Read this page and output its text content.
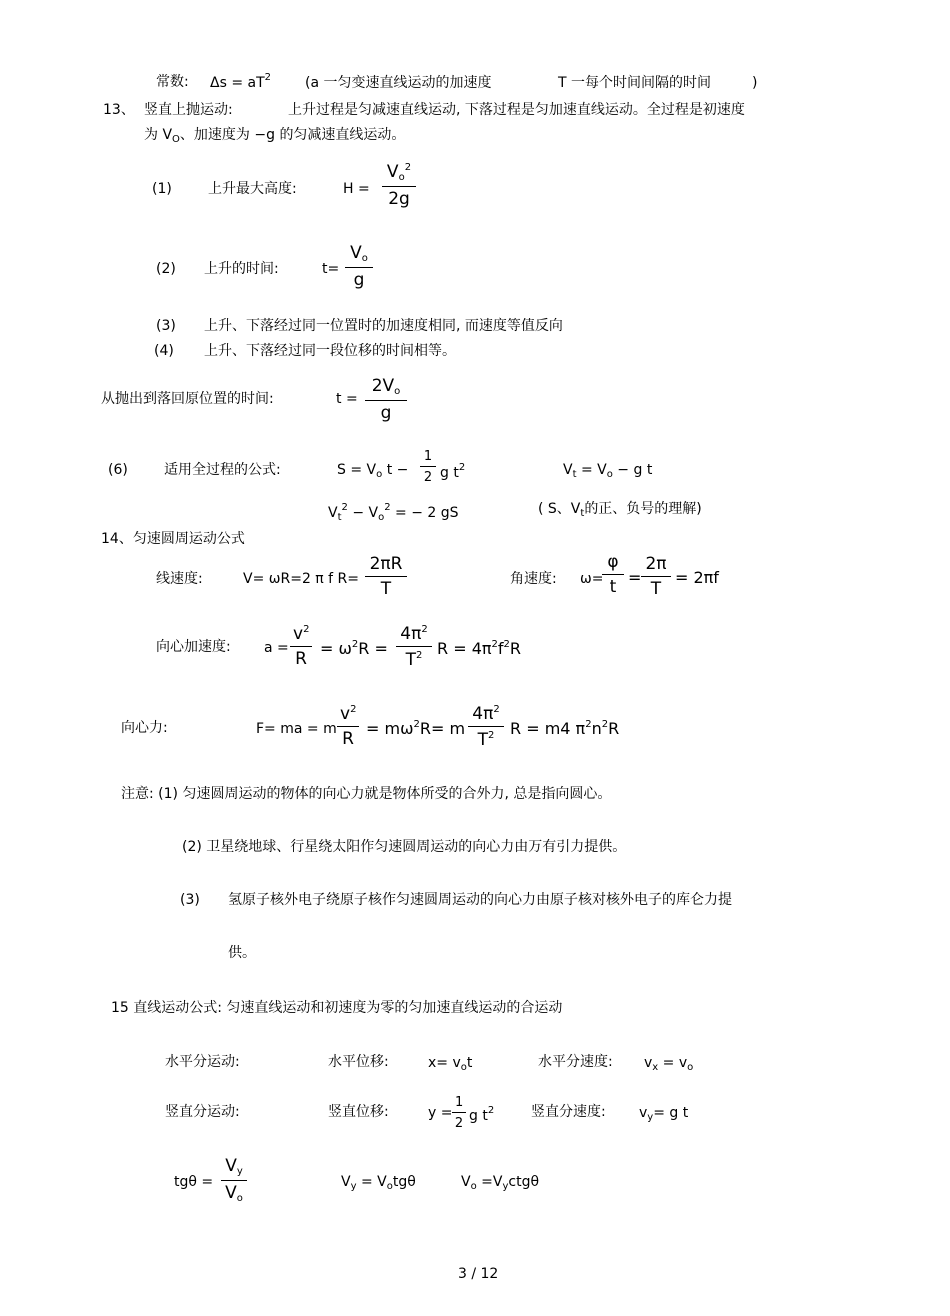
常数: $\Delta s = aT^2$ (a 一匀变速直线运动的加速度	T 一每个时间间隔的时间	)
13、 竖直上抛运动:	上升过程是匀减速直线运动, 下落过程是匀加速直线运动。全过程是初速度
为 $V_O$、加速度为 −g 的匀减速直线运动。
(1)	上升最大高度:	H =
$V_o^2$
2g
(2) 上升的时间:	t=
$V_o$
g
(3) 上升、下落经过同一位置时的加速度相同, 而速度等值反向
(4) 上升、下落经过同一段位移的时间相等。
从抛出到落回原位置的时间:	t =
$2V_o$
g
(6)	适用全过程的公式:	$S = V_o$ t −
1
2 g $t^2$	$V_t = V_o - g$ t
$V_t^2 - V_o^2$ = − 2 gS	( S、$V_t$的正、负号的理解)
14、匀速圆周运动公式
线速度:	V= ωR=2 π f R=
2πR
T	角速度: ω=
φ
t =
2π
T
= 2πf
向心加速度: a =
$v^2$
R
= $\omega^2R$ =
$4\pi^2$
$T^2$ $R = 4\pi^2f^2R$
向心力:	F= ma = m
$v^2$
R
= $m\omega^2R= m$
$4\pi^2$
$T^2$ R = m4 $\pi^2n^2R$
注意: (1) 匀速圆周运动的物体的向心力就是物体所受的合外力, 总是指向圆心。
(2) 卫星绕地球、行星绕太阳作匀速圆周运动的向心力由万有引力提供。
(3) 氢原子核外电子绕原子核作匀速圆周运动的向心力由原子核对核外电子的库仑力提
供。
15 直线运动公式: 匀速直线运动和初速度为零的匀加速直线运动的合运动
水平分运动:	水平位移:	$x= v_ot$	水平分速度: $v_x = v_o$
竖直分运动:	竖直位移:	y =
1
2 g $t^2$	竖直分速度: $v_y= g$ t
tgθ =
$V_y$
$V_o$
$V_y = V_otg\theta$	$V_o =V_yctg\theta$
3 / 12
